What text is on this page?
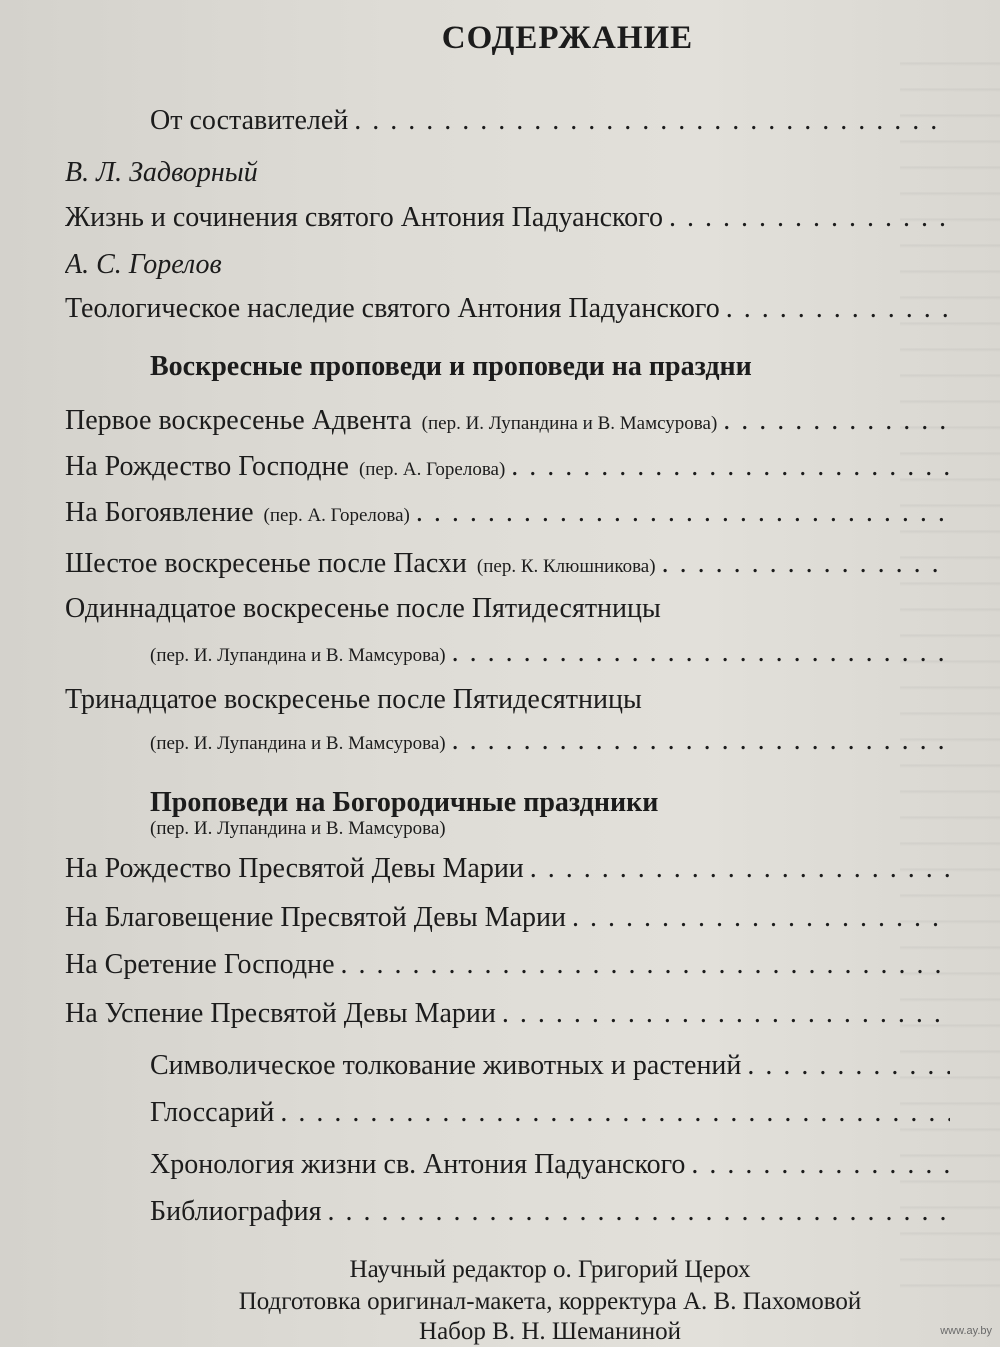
СОДЕРЖАНИЕ
От составителей
. . .
В. Л. Задворный
Жизнь и сочинения святого Антония Падуанского
. . .
А. С. Горелов
Теологическое наследие святого Антония Падуанского
. . .
Воскресные проповеди и проповеди на праздни
Первое воскресенье Адвента (пер. И. Лупандина и В. Мамсурова)
. . .
На Рождество Господне (пер. А. Горелова)
. . .
На Богоявление (пер. А. Горелова)
. . .
Шестое воскресенье после Пасхи (пер. К. Клюшникова)
. . .
Одиннадцатое воскресенье после Пятидесятницы
(пер. И. Лупандина и В. Мамсурова)
. . .
Тринадцатое воскресенье после Пятидесятницы
(пер. И. Лупандина и В. Мамсурова)
. . .
Проповеди на Богородичные праздники
(пер. И. Лупандина и В. Мамсурова)
На Рождество Пресвятой Девы Марии
. . .
На Благовещение Пресвятой Девы Марии
. . .
На Сретение Господне
. . .
На Успение Пресвятой Девы Марии
. . .
Символическое толкование животных и растений
. . .
Глоссарий
. . .
Хронология жизни св. Антония Падуанского
. . .
Библиография
. . .
Научный редактор о. Григорий Церох
Подготовка оригинал-макета, корректура А. В. Пахомовой
Набор В. Н. Шеманиной	www.ay.by
